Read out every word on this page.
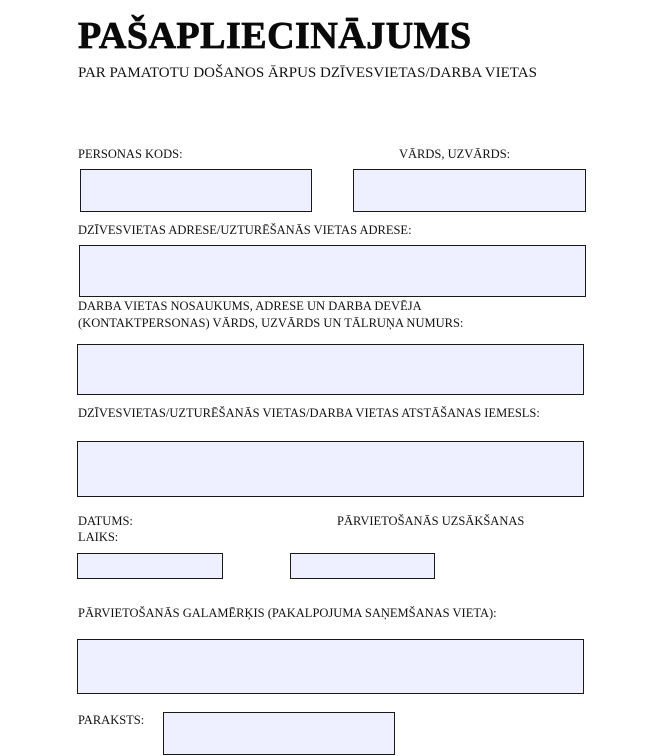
PAŠAPLIECINĀJUMS

PAR PAMATOTU DOŠANOS ĀRPUS DZĪVESVIETAS/DARBA VIETAS

PERSONAS KODS:	VĀRDS, UZVĀRDS:

DZĪVESVIETAS ADRESE/UZTURĒŠANĀS VIETAS ADRESE:

DARBA VIETAS NOSAUKUMS, ADRESE UN DARBA DEVĒJA

(KONTAKTPERSONAS) VĀRDS, UZVĀRDS UN TĀLRUŅA NUMURS:

DZĪVESVIETAS/UZTURĒŠANĀS VIETAS/DARBA VIETAS ATSTĀŠANAS IEMESLS:

DATUMS:

LAIKS:

PĀRVIETOŠANĀS UZSĀKŠANAS

PĀRVIETOŠANĀS GALAMĒRĶIS (PAKALPOJUMA SAŅEMŠANAS VIETA):

PARAKSTS:
